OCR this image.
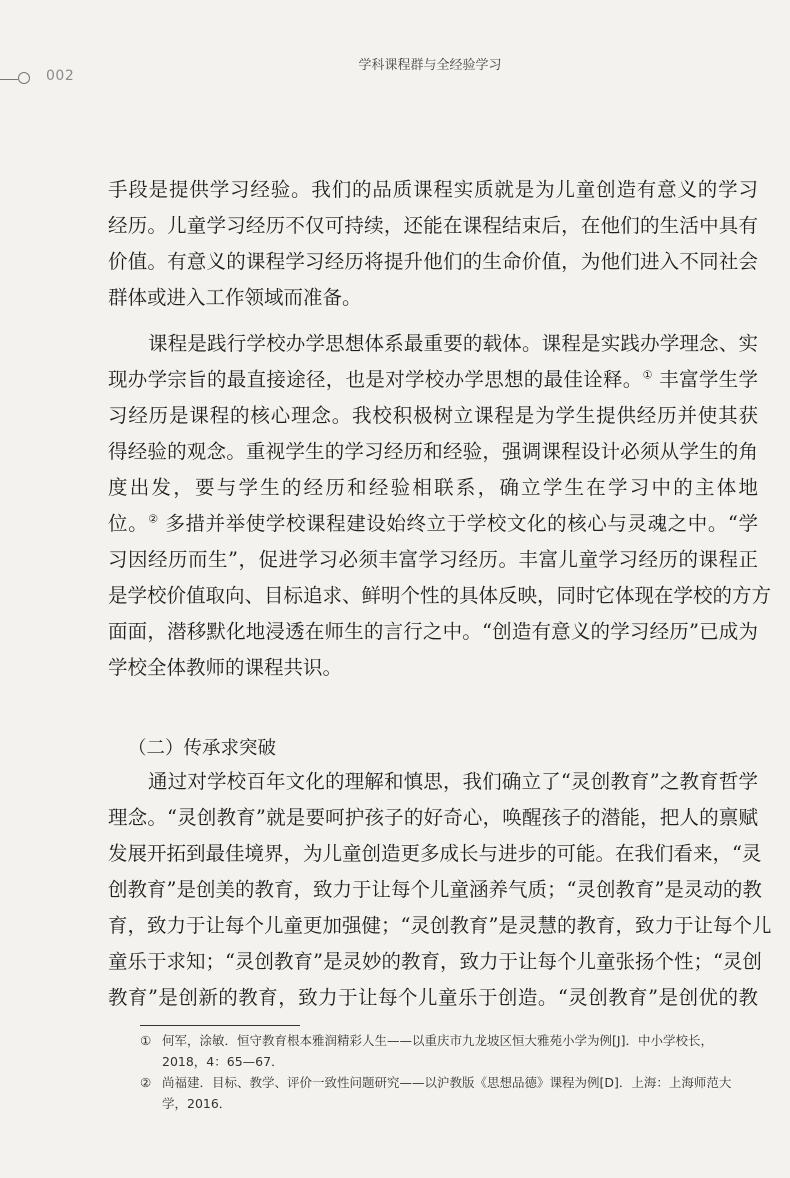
002
学科课程群与全经验学习
手段是提供学习经验。我们的品质课程实质就是为儿童创造有意义的学习
经历。儿童学习经历不仅可持续，还能在课程结束后，在他们的生活中具有
价值。有意义的课程学习经历将提升他们的生命价值，为他们进入不同社会
群体或进入工作领域而准备。
课程是践行学校办学思想体系最重要的载体。课程是实践办学理念、实
现办学宗旨的最直接途径，也是对学校办学思想的最佳诠释。① 丰富学生学
习经历是课程的核心理念。我校积极树立课程是为学生提供经历并使其获
得经验的观念。重视学生的学习经历和经验，强调课程设计必须从学生的角
度出发，要与学生的经历和经验相联系，确立学生在学习中的主体地
位。② 多措并举使学校课程建设始终立于学校文化的核心与灵魂之中。“学
习因经历而生”，促进学习必须丰富学习经历。丰富儿童学习经历的课程正
是学校价值取向、目标追求、鲜明个性的具体反映，同时它体现在学校的方方
面面，潜移默化地浸透在师生的言行之中。“创造有意义的学习经历”已成为
学校全体教师的课程共识。
（二）传承求突破
通过对学校百年文化的理解和慎思，我们确立了“灵创教育”之教育哲学
理念。“灵创教育”就是要呵护孩子的好奇心，唤醒孩子的潜能，把人的禀赋
发展开拓到最佳境界，为儿童创造更多成长与进步的可能。在我们看来，“灵
创教育”是创美的教育，致力于让每个儿童涵养气质；“灵创教育”是灵动的教
育，致力于让每个儿童更加强健；“灵创教育”是灵慧的教育，致力于让每个儿
童乐于求知；“灵创教育”是灵妙的教育，致力于让每个儿童张扬个性；“灵创
教育”是创新的教育，致力于让每个儿童乐于创造。“灵创教育”是创优的教
① 何军，涂敏．恒守教育根本雅润精彩人生——以重庆市九龙坡区恒大雅苑小学为例[J]．中小学校长，
2018，4：65—67．
② 尚福建．目标、教学、评价一致性问题研究——以沪教版《思想品德》课程为例[D]．上海：上海师范大
学，2016．
